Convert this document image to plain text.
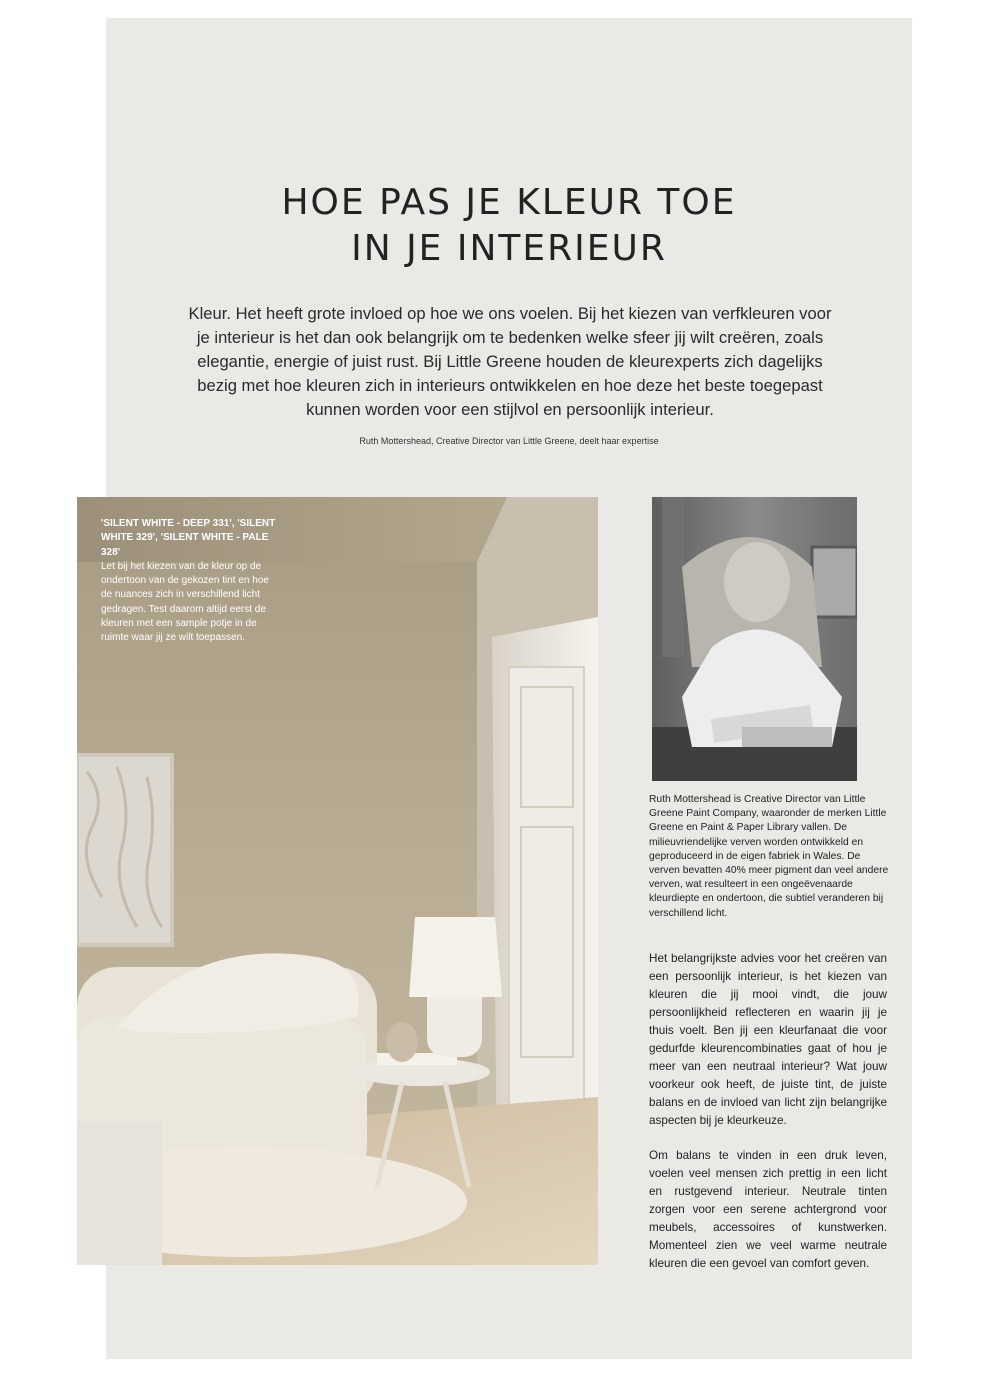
HOE PAS JE KLEUR TOE
IN JE INTERIEUR

Kleur. Het heeft grote invloed op hoe we ons voelen. Bij het kiezen van verfkleuren voor je interieur is het dan ook belangrijk om te bedenken welke sfeer jij wilt creëren, zoals elegantie, energie of juist rust. Bij Little Greene houden de kleurexperts zich dagelijks bezig met hoe kleuren zich in interieurs ontwikkelen en hoe deze het beste toegepast kunnen worden voor een stijlvol en persoonlijk interieur.

Ruth Mottershead, Creative Director van Little Greene, deelt haar expertise

'SILENT WHITE - DEEP 331', 'SILENT WHITE 329', 'SILENT WHITE - PALE 328'
Let bij het kiezen van de kleur op de ondertoon van de gekozen tint en hoe de nuances zich in verschillend licht gedragen. Test daarom altijd eerst de kleuren met een sample potje in de ruimte waar jij ze wilt toepassen.

Ruth Mottershead is Creative Director van Little Greene Paint Company, waaronder de merken Little Greene en Paint & Paper Library vallen. De milieuvriendelijke verven worden ontwikkeld en geproduceerd in de eigen fabriek in Wales. De verven bevatten 40% meer pigment dan veel andere verven, wat resulteert in een ongeëvenaarde kleurdiepte en ondertoon, die subtiel veranderen bij verschillend licht.

Het belangrijkste advies voor het creëren van een persoonlijk interieur, is het kiezen van kleuren die jij mooi vindt, die jouw persoonlijkheid reflecteren en waarin jij je thuis voelt. Ben jij een kleurfanaat die voor gedurfde kleurencombinaties gaat of hou je meer van een neutraal interieur? Wat jouw voorkeur ook heeft, de juiste tint, de juiste balans en de invloed van licht zijn belangrijke aspecten bij je kleurkeuze.

Om balans te vinden in een druk leven, voelen veel mensen zich prettig in een licht en rustgevend interieur. Neutrale tinten zorgen voor een serene achtergrond voor meubels, accessoires of kunstwerken. Momenteel zien we veel warme neutrale kleuren die een gevoel van comfort geven.
